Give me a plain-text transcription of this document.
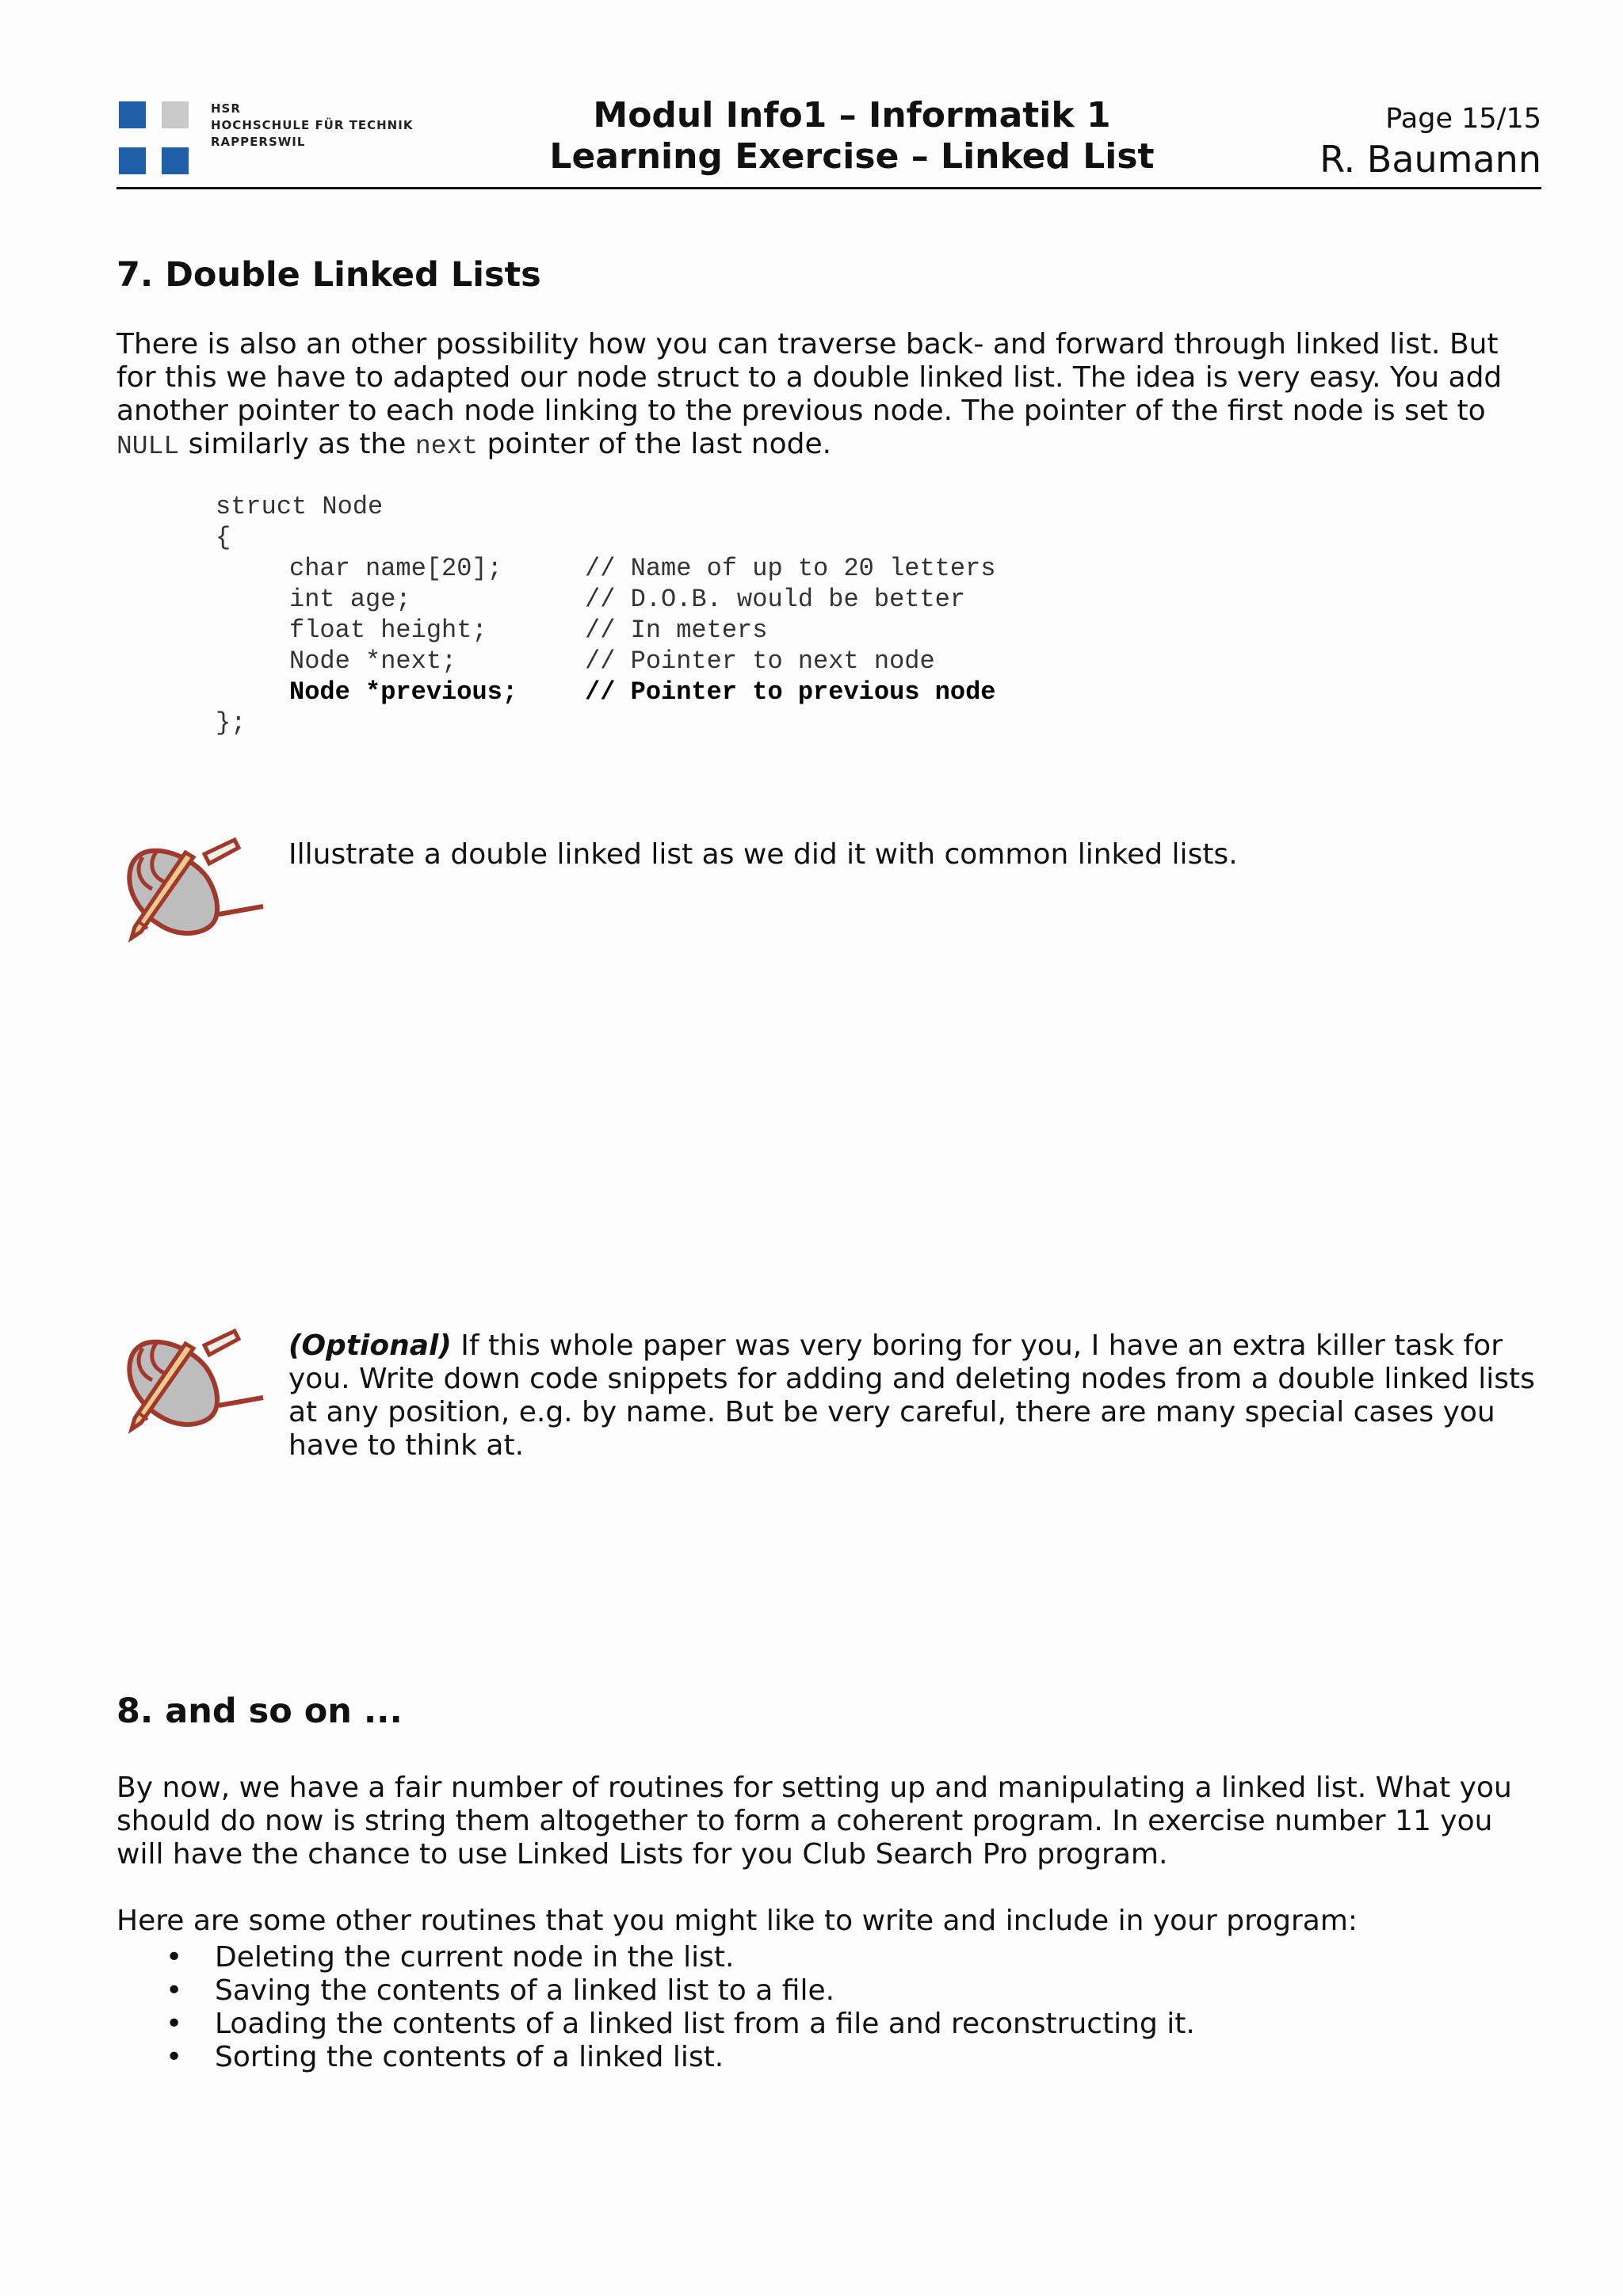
HSR
HOCHSCHULE FÜR TECHNIK
RAPPERSWIL
Modul Info1 – Informatik 1
Learning Exercise – Linked List
Page 15/15
R. Baumann
7. Double Linked Lists

There is also an other possibility how you can traverse back- and forward through linked list. But for this we have to adapted our node struct to a double linked list. The idea is very easy. You add another pointer to each node linking to the previous node. The pointer of the first node is set to NULL similarly as the next pointer of the last node.

struct Node
{
char name[20];	// Name of up to 20 letters
int age;	// D.O.B. would be better
float height;	// In meters
Node *next;	// Pointer to next node
Node *previous;	// Pointer to previous node
};

Illustrate a double linked list as we did it with common linked lists.

(Optional) If this whole paper was very boring for you, I have an extra killer task for you. Write down code snippets for adding and deleting nodes from a double linked lists at any position, e.g. by name. But be very careful, there are many special cases you have to think at.

8. and so on ...

By now, we have a fair number of routines for setting up and manipulating a linked list. What you should do now is string them altogether to form a coherent program. In exercise number 11 you will have the chance to use Linked Lists for you Club Search Pro program.

Here are some other routines that you might like to write and include in your program:

• Deleting the current node in the list.
• Saving the contents of a linked list to a file.
• Loading the contents of a linked list from a file and reconstructing it.
• Sorting the contents of a linked list.
